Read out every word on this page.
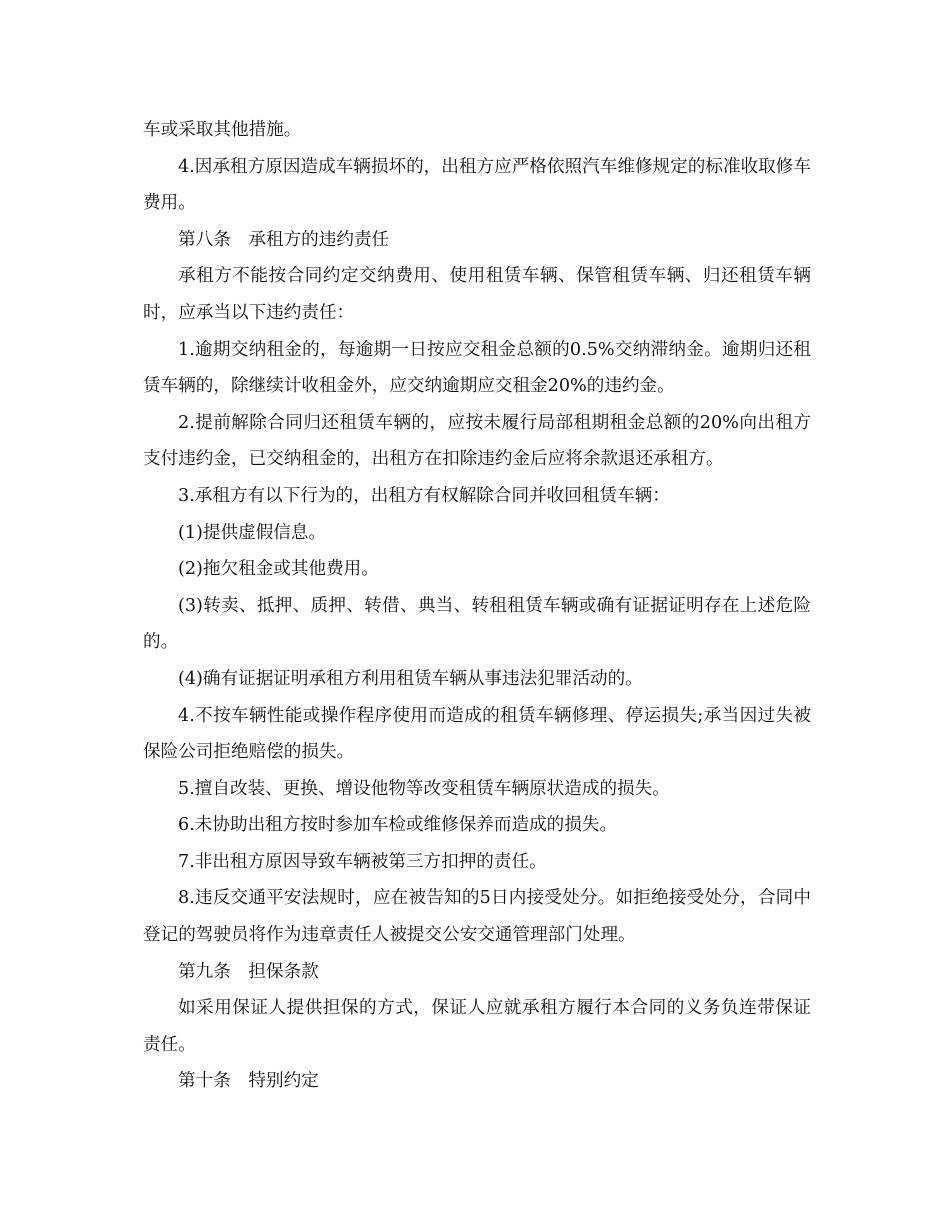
车或采取其他措施。

4.因承租方原因造成车辆损坏的，出租方应严格依照汽车维修规定的标准收取修车费用。

第八条　承租方的违约责任

承租方不能按合同约定交纳费用、使用租赁车辆、保管租赁车辆、归还租赁车辆时，应承当以下违约责任：

1.逾期交纳租金的，每逾期一日按应交租金总额的0.5%交纳滞纳金。逾期归还租赁车辆的，除继续计收租金外，应交纳逾期应交租金20%的违约金。

2.提前解除合同归还租赁车辆的，应按未履行局部租期租金总额的20%向出租方支付违约金，已交纳租金的，出租方在扣除违约金后应将余款退还承租方。

3.承租方有以下行为的，出租方有权解除合同并收回租赁车辆：

(1)提供虚假信息。

(2)拖欠租金或其他费用。

(3)转卖、抵押、质押、转借、典当、转租租赁车辆或确有证据证明存在上述危险的。

(4)确有证据证明承租方利用租赁车辆从事违法犯罪活动的。

4.不按车辆性能或操作程序使用而造成的租赁车辆修理、停运损失;承当因过失被保险公司拒绝赔偿的损失。

5.擅自改装、更换、增设他物等改变租赁车辆原状造成的损失。

6.未协助出租方按时参加车检或维修保养而造成的损失。

7.非出租方原因导致车辆被第三方扣押的责任。

8.违反交通平安法规时，应在被告知的5日内接受处分。如拒绝接受处分，合同中登记的驾驶员将作为违章责任人被提交公安交通管理部门处理。

第九条　担保条款

如采用保证人提供担保的方式，保证人应就承租方履行本合同的义务负连带保证责任。

第十条　特别约定
